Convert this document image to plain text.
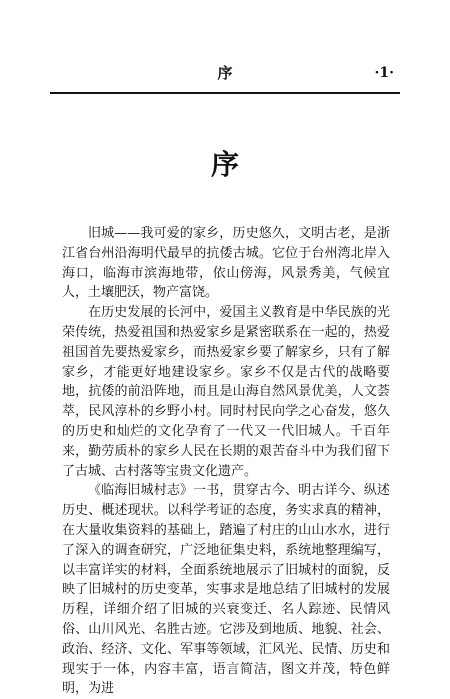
序	·1·
序

旧城——我可爱的家乡，历史悠久，文明古老，是浙江省台州沿海明代最早的抗倭古城。它位于台州湾北岸入海口，临海市滨海地带，依山傍海，风景秀美，气候宜人，土壤肥沃，物产富饶。

在历史发展的长河中，爱国主义教育是中华民族的光荣传统，热爱祖国和热爱家乡是紧密联系在一起的，热爱祖国首先要热爱家乡，而热爱家乡要了解家乡，只有了解家乡，才能更好地建设家乡。家乡不仅是古代的战略要地，抗倭的前沿阵地，而且是山海自然风景优美，人文荟萃，民风淳朴的乡野小村。同时村民向学之心奋发，悠久的历史和灿烂的文化孕育了一代又一代旧城人。千百年来，勤劳质朴的家乡人民在长期的艰苦奋斗中为我们留下了古城、古村落等宝贵文化遗产。

《临海旧城村志》一书，贯穿古今、明古详今、纵述历史、概述现状。以科学考证的态度，务实求真的精神，在大量收集资料的基础上，踏遍了村庄的山山水水，进行了深入的调查研究，广泛地征集史料，系统地整理编写，以丰富详实的材料，全面系统地展示了旧城村的面貌，反映了旧城村的历史变革，实事求是地总结了旧城村的发展历程，详细介绍了旧城的兴衰变迁、名人踪迹、民情风俗、山川风光、名胜古迹。它涉及到地质、地貌、社会、政治、经济、文化、军事等领域，汇风光、民情、历史和现实于一体，内容丰富，语言简洁，图文并茂，特色鲜明，为进
